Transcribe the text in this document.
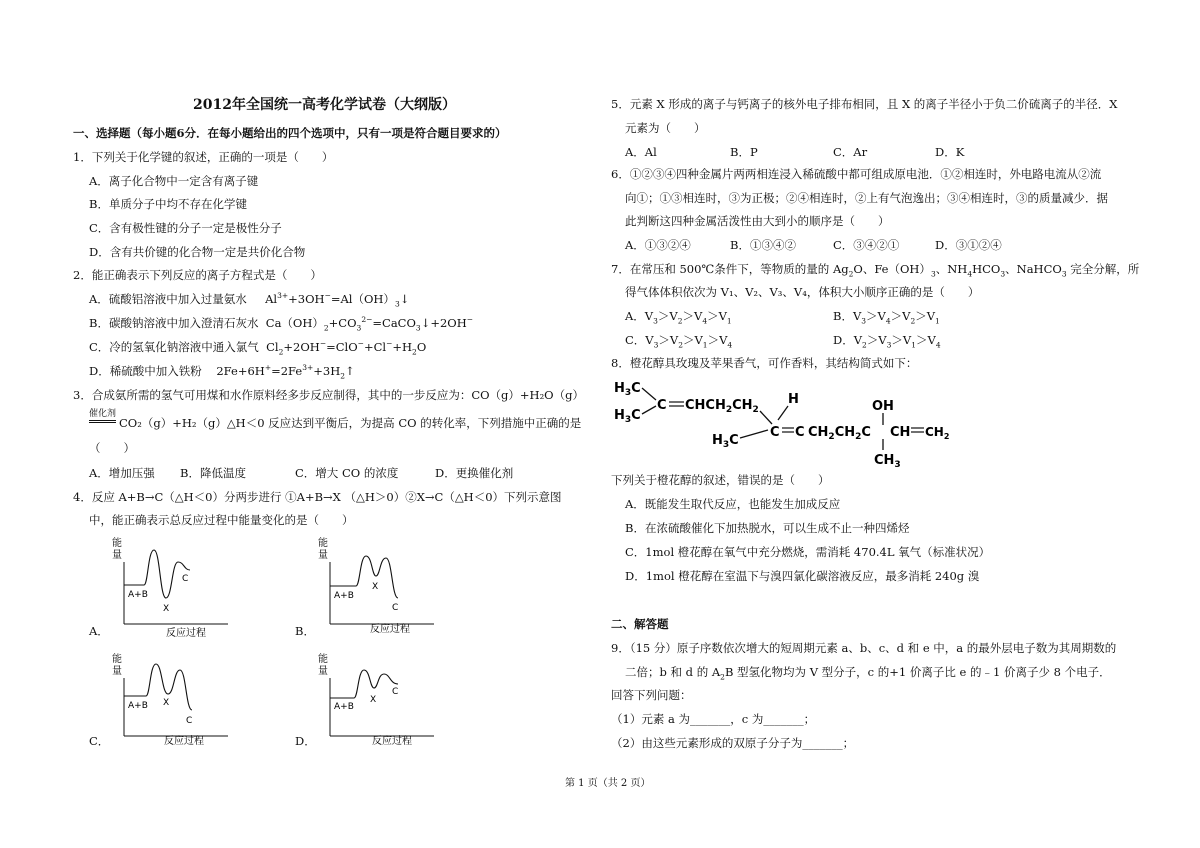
2012年全国统一高考化学试卷（大纲版）
一、选择题（每小题6分．在每小题给出的四个选项中，只有一项是符合题目要求的）
1．下列关于化学键的叙述，正确的一项是（　　）
A．离子化合物中一定含有离子键
B．单质分子中均不存在化学键
C．含有极性键的分子一定是极性分子
D．含有共价键的化合物一定是共价化合物
2．能正确表示下列反应的离子方程式是（　　）
A．硫酸铝溶液中加入过量氨水     $Al^{3+}+3OH^-=Al(OH)_3↓$
B．碳酸钠溶液中加入澄清石灰水  $Ca(OH)_2+CO_3^{2-}=CaCO_3↓+2OH^-$
C．冷的氢氧化钠溶液中通入氯气  $Cl_2+2OH^-=ClO^-+Cl^-+H_2O$
D．稀硫酸中加入铁粉    $2Fe+6H^+=2Fe^{3+}+3H_2↑$
3．合成氨所需的氢气可用煤和水作原料经多步反应制得，其中的一步反应为：CO（g）+H₂O（g）
催化剂
CO₂（g）+H₂（g）△H＜0 反应达到平衡后，为提高 CO 的转化率，下列措施中正确的是
（　　）
A．增加压强 B．降低温度	C．增大 CO 的浓度	D．更换催化剂
4．反应 A+B→C（△H＜0）分两步进行 ①A+B→X （△H＞0）②X→C（△H＜0）下列示意图
中，能正确表示总反应过程中能量变化的是（　　）
能
量
A+B
X
C
反应过程
A．
能
量
A+B
X
C
反应过程
B．
能
量
A+B X
C
反应过程
C．
能
量
A+B
X
C
反应过程
D．
5．元素 X 形成的离子与钙离子的核外电子排布相同，且 X 的离子半径小于负二价硫离子的半径．X
元素为（　　）
A．Al	B．P	C．Ar	D．K
6．①②③④四种金属片两两相连浸入稀硫酸中都可组成原电池．①②相连时，外电路电流从②流
向①；①③相连时，③为正极；②④相连时，②上有气泡逸出；③④相连时，③的质量减少．据
此判断这四种金属活泼性由大到小的顺序是（　　）
A．①③②④	B．①③④②	C．③④②①	D．③①②④
7．在常压和 500℃条件下，等物质的量的 $Ag_2O$、$Fe(OH)_3$、$NH_4HCO_3$、NaHCO$_3$ 完全分解，所
得气体体积依次为 V₁、V₂、V₃、V₄，体积大小顺序正确的是（　　）
A．$V_3>V_2>V_4>V_1$	B．$V_3>V_4>V_2>V_1$
C．$V_3>V_2>V_1>V_4$	D．$V_2>V_3>V_1>V_4$
8．橙花醇具玫瑰及苹果香气，可作香料，其结构简式如下：
$H_3C$
$H_3C$
C $CHCH_2CH_2$
H
C C
$H_3C$
$CH_2CH_2C$
OH
CH $CH_2$
$CH_3$
下列关于橙花醇的叙述，错误的是（　　）
A．既能发生取代反应，也能发生加成反应
B．在浓硫酸催化下加热脱水，可以生成不止一种四烯烃
C．1mol 橙花醇在氧气中充分燃烧，需消耗 470.4L 氧气（标准状况）
D．1mol 橙花醇在室温下与溴四氯化碳溶液反应，最多消耗 240g 溴
二、解答题
9．（15 分）原子序数依次增大的短周期元素 a、b、c、d 和 e 中，a 的最外层电子数为其周期数的
二倍；b 和 d 的 $A_2B$ 型氢化物均为 V 型分子，c 的+1 价离子比 e 的﹣1 价离子少 8 个电子．
回答下列问题：
（1）元素 a 为_______，c 为_______；
（2）由这些元素形成的双原子分子为_______；
第 1 页（共 2 页）
